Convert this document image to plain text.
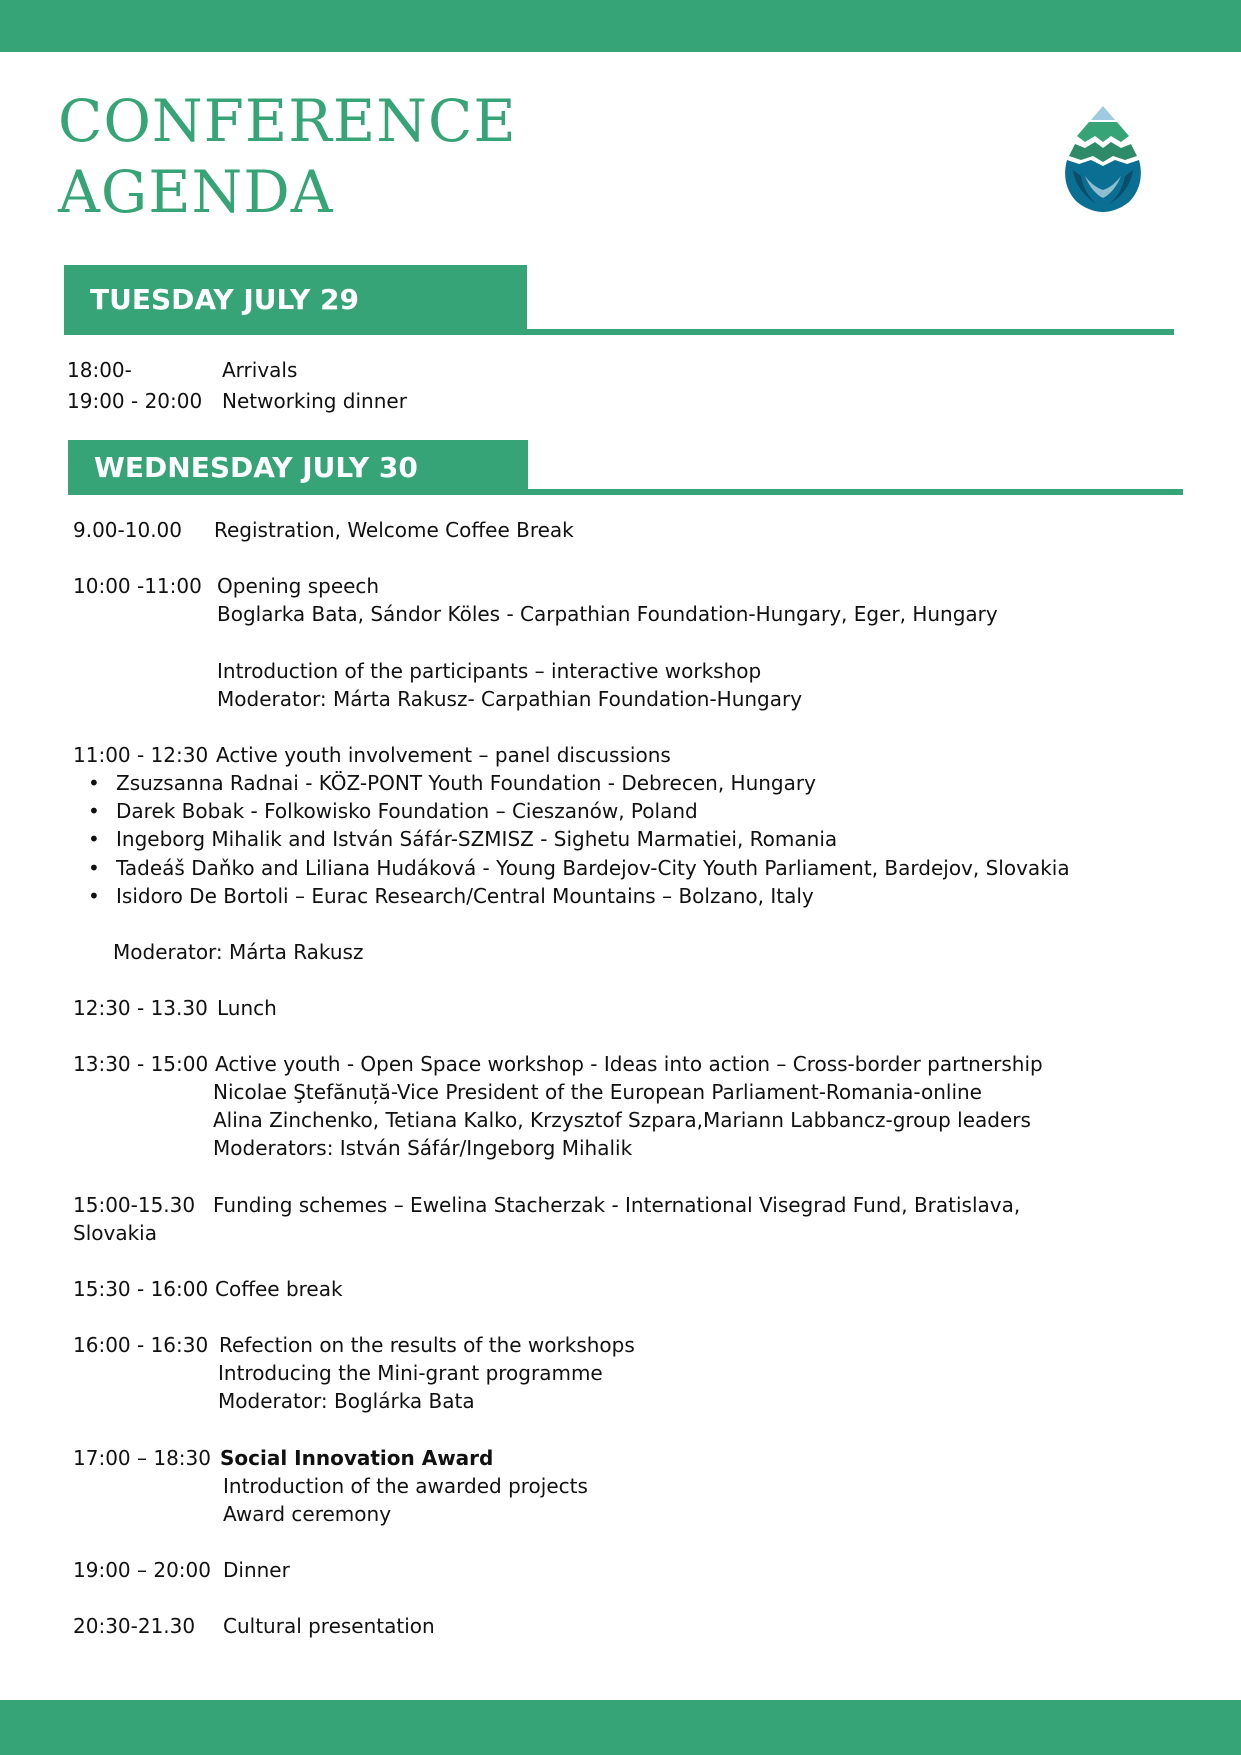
CONFERENCE
AGENDA
TUESDAY JULY 29
18:00-	Arrivals
19:00 - 20:00 Networking dinner
WEDNESDAY JULY 30
9.00-10.00 Registration, Welcome Coffee Break
10:00 -11:00 Opening speech
Boglarka Bata, Sándor Köles - Carpathian Foundation-Hungary, Eger, Hungary
Introduction of the participants – interactive workshop
Moderator: Márta Rakusz- Carpathian Foundation-Hungary
11:00 - 12:30 Active youth involvement – panel discussions
• Zsuzsanna Radnai - KÖZ-PONT Youth Foundation - Debrecen, Hungary
• Darek Bobak - Folkowisko Foundation – Cieszanów, Poland
• Ingeborg Mihalik and István Sáfár-SZMISZ - Sighetu Marmatiei, Romania
• Tadeáš Daňko and Liliana Hudáková - Young Bardejov-City Youth Parliament, Bardejov, Slovakia
• Isidoro De Bortoli – Eurac Research/Central Mountains – Bolzano, Italy
Moderator: Márta Rakusz
12:30 - 13.30 Lunch
13:30 - 15:00 Active youth - Open Space workshop - Ideas into action – Cross-border partnership
Nicolae Ştefănuță-Vice President of the European Parliament-Romania-online
Alina Zinchenko, Tetiana Kalko, Krzysztof Szpara,Mariann Labbancz-group leaders
Moderators: István Sáfár/Ingeborg Mihalik
15:00-15.30 Funding schemes – Ewelina Stacherzak - International Visegrad Fund, Bratislava,
Slovakia
15:30 - 16:00 Coffee break
16:00 - 16:30 Refection on the results of the workshops
Introducing the Mini-grant programme
Moderator: Boglárka Bata
17:00 – 18:30 Social Innovation Award
Introduction of the awarded projects
Award ceremony
19:00 – 20:00 Dinner
20:30-21.30 Cultural presentation
